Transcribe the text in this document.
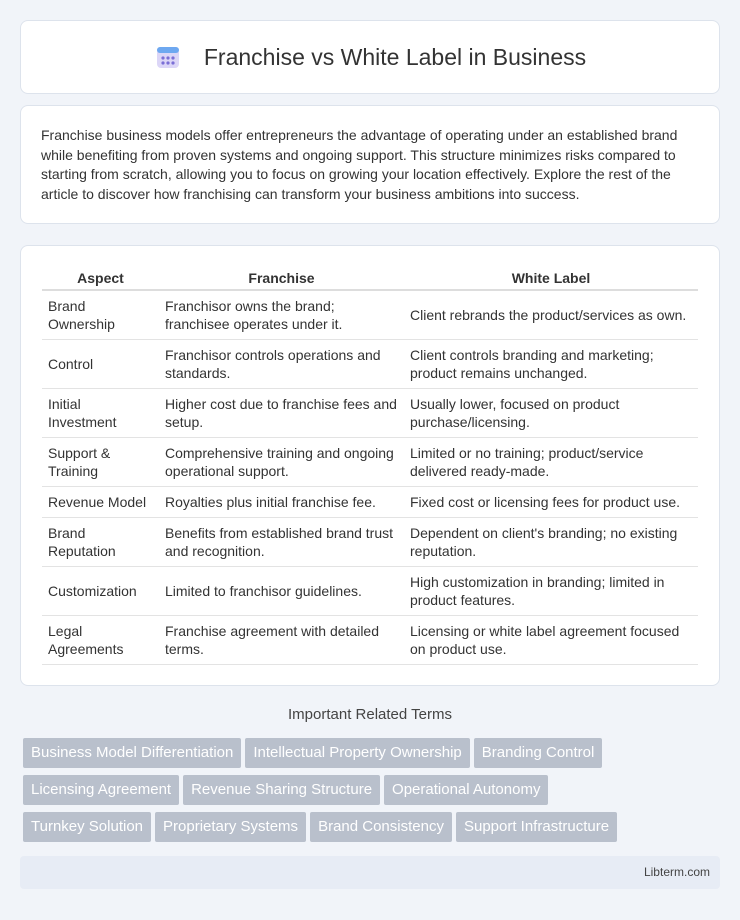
Franchise vs White Label in Business

Franchise business models offer entrepreneurs the advantage of operating under an established brand while benefiting from proven systems and ongoing support. This structure minimizes risks compared to starting from scratch, allowing you to focus on growing your location effectively. Explore the rest of the article to discover how franchising can transform your business ambitions into success.

Aspect	Franchise	White Label
Brand Ownership	Franchisor owns the brand; franchisee operates under it.	Client rebrands the product/services as own.
Control	Franchisor controls operations and standards.	Client controls branding and marketing; product remains unchanged.
Initial Investment	Higher cost due to franchise fees and setup.	Usually lower, focused on product purchase/licensing.
Support & Training	Comprehensive training and ongoing operational support.	Limited or no training; product/service delivered ready-made.
Revenue Model	Royalties plus initial franchise fee.	Fixed cost or licensing fees for product use.
Brand Reputation	Benefits from established brand trust and recognition.	Dependent on client's branding; no existing reputation.
Customization	Limited to franchisor guidelines.	High customization in branding; limited in product features.
Legal Agreements	Franchise agreement with detailed terms.	Licensing or white label agreement focused on product use.
Important Related Terms
Business Model Differentiation Intellectual Property Ownership Branding Control
Licensing Agreement Revenue Sharing Structure Operational Autonomy
Turnkey Solution Proprietary Systems Brand Consistency Support Infrastructure
Libterm.com
